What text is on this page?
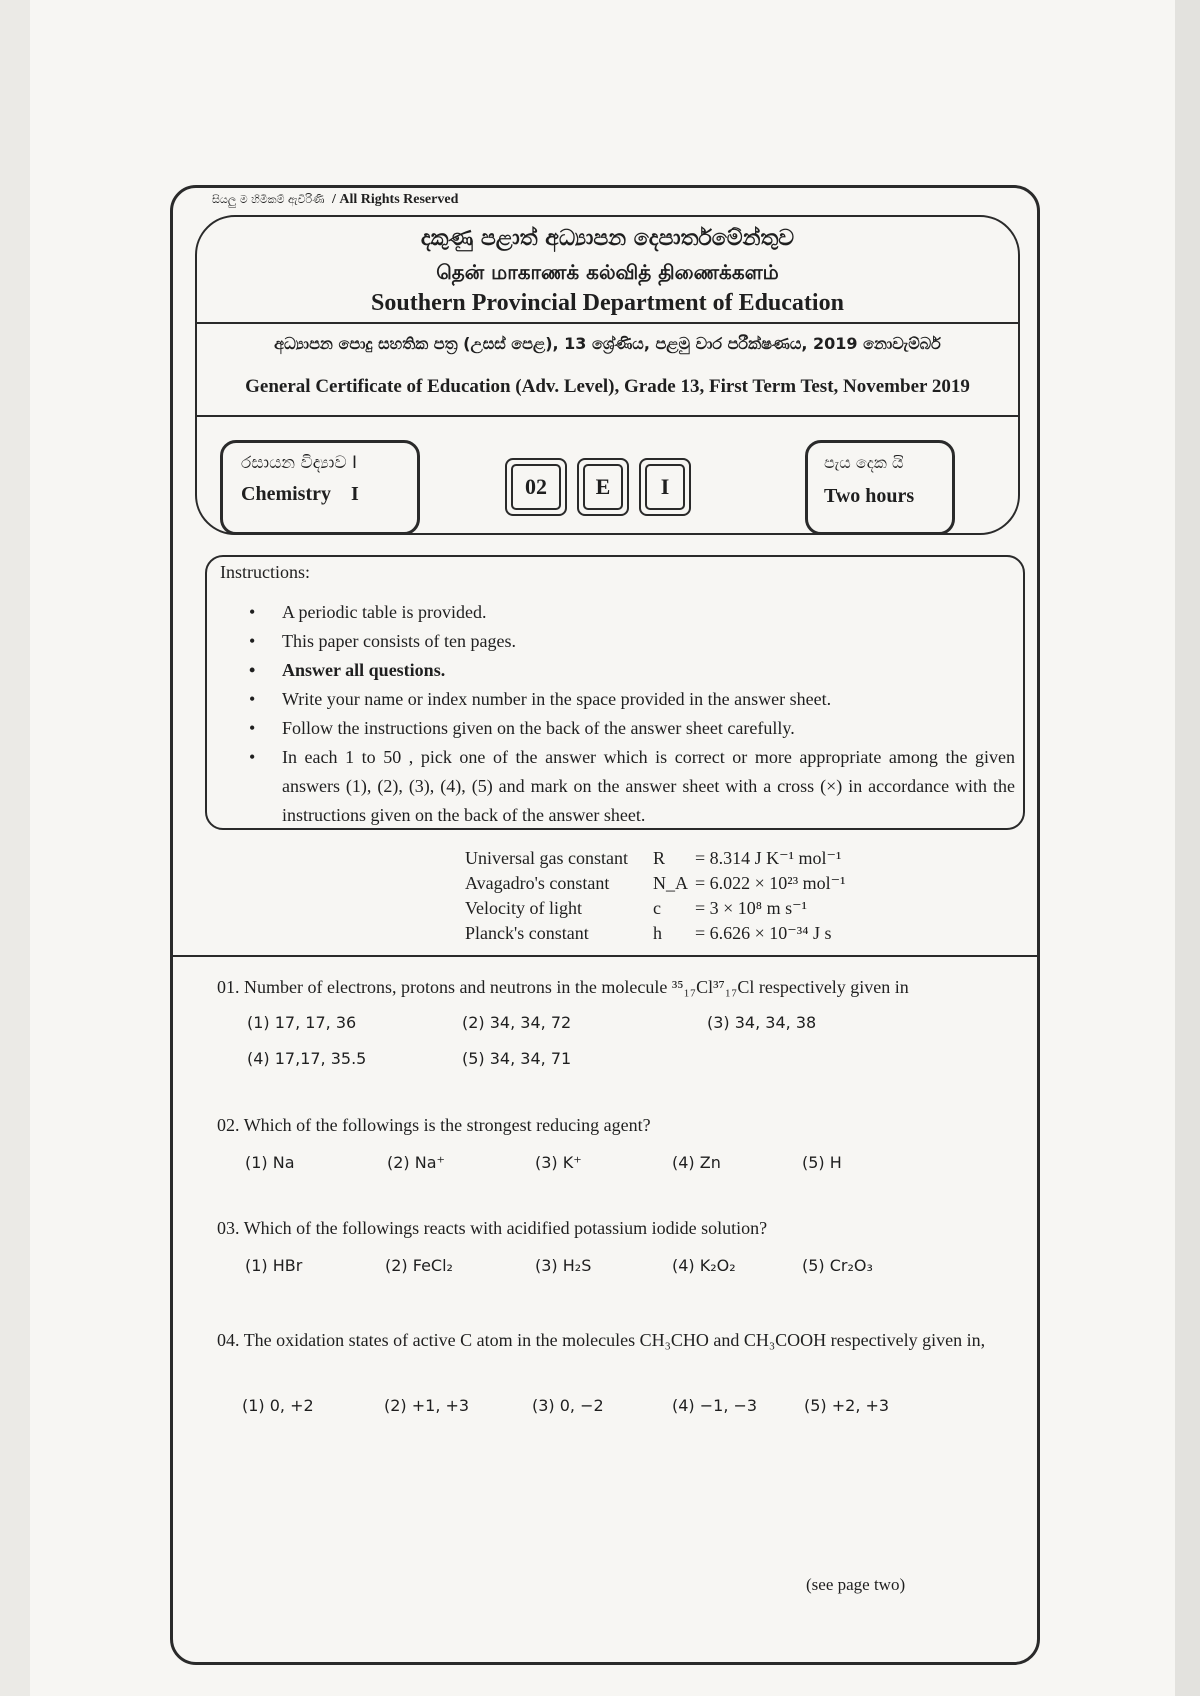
සියලු ම හිමිකම් ඇවිරිණි / All Rights Reserved
දකුණු පළාත් අධ්‍යාපන දෙපාර්තමේන්තුව
தென் மாகாணக் கல்வித் திணைக்களம்
Southern Provincial Department of Education
අධ්‍යාපන පොදු සහතික පත්‍ර (උසස් පෙළ), 13 ශ්‍රේණිය, පළමු වාර පරීක්ෂණය, 2019 නොවැම්බර්
General Certificate of Education (Adv. Level), Grade 13, First Term Test, November 2019
රසායන විද්‍යාව I
Chemistry    I	02	E	I
පැය දෙක යි
Two hours
Instructions:
• A periodic table is provided.
• This paper consists of ten pages.
• Answer all questions.
• Write your name or index number in the space provided in the answer sheet.
• Follow the instructions given on the back of the answer sheet carefully.
• In each 1 to 50 , pick one of the answer which is correct or more appropriate among the given answers (1), (2), (3), (4), (5) and mark on the answer sheet with a cross (×) in accordance with the instructions given on the back of the answer sheet.
Universal gas constant	R	= 8.314 J K⁻¹ mol⁻¹
Avagadro's constant	N_A = 6.022 × 10²³ mol⁻¹
Velocity of light	c	= 3 × 10⁸ m s⁻¹
Planck's constant	h	= 6.626 × 10⁻³⁴ J s
01. Number of electrons, protons and neutrons in the molecule ³⁵₁₇Cl³⁷₁₇Cl respectively given in
(1) 17, 17, 36	(2) 34, 34, 72	(3) 34, 34, 38
(4) 17,17, 35.5	(5) 34, 34, 71
02. Which of the followings is the strongest reducing agent?
(1) Na	(2) Na⁺	(3) K⁺	(4) Zn	(5) H
03. Which of the followings reacts with acidified potassium iodide solution?
(1) HBr	(2) FeCl₂	(3) H₂S	(4) K₂O₂	(5) Cr₂O₃
04. The oxidation states of active C atom in the molecules CH₃CHO and CH₃COOH respectively given in,
(1) 0, +2	(2) +1, +3	(3) 0, −2	(4) −1, −3	(5) +2, +3
(see page two)
